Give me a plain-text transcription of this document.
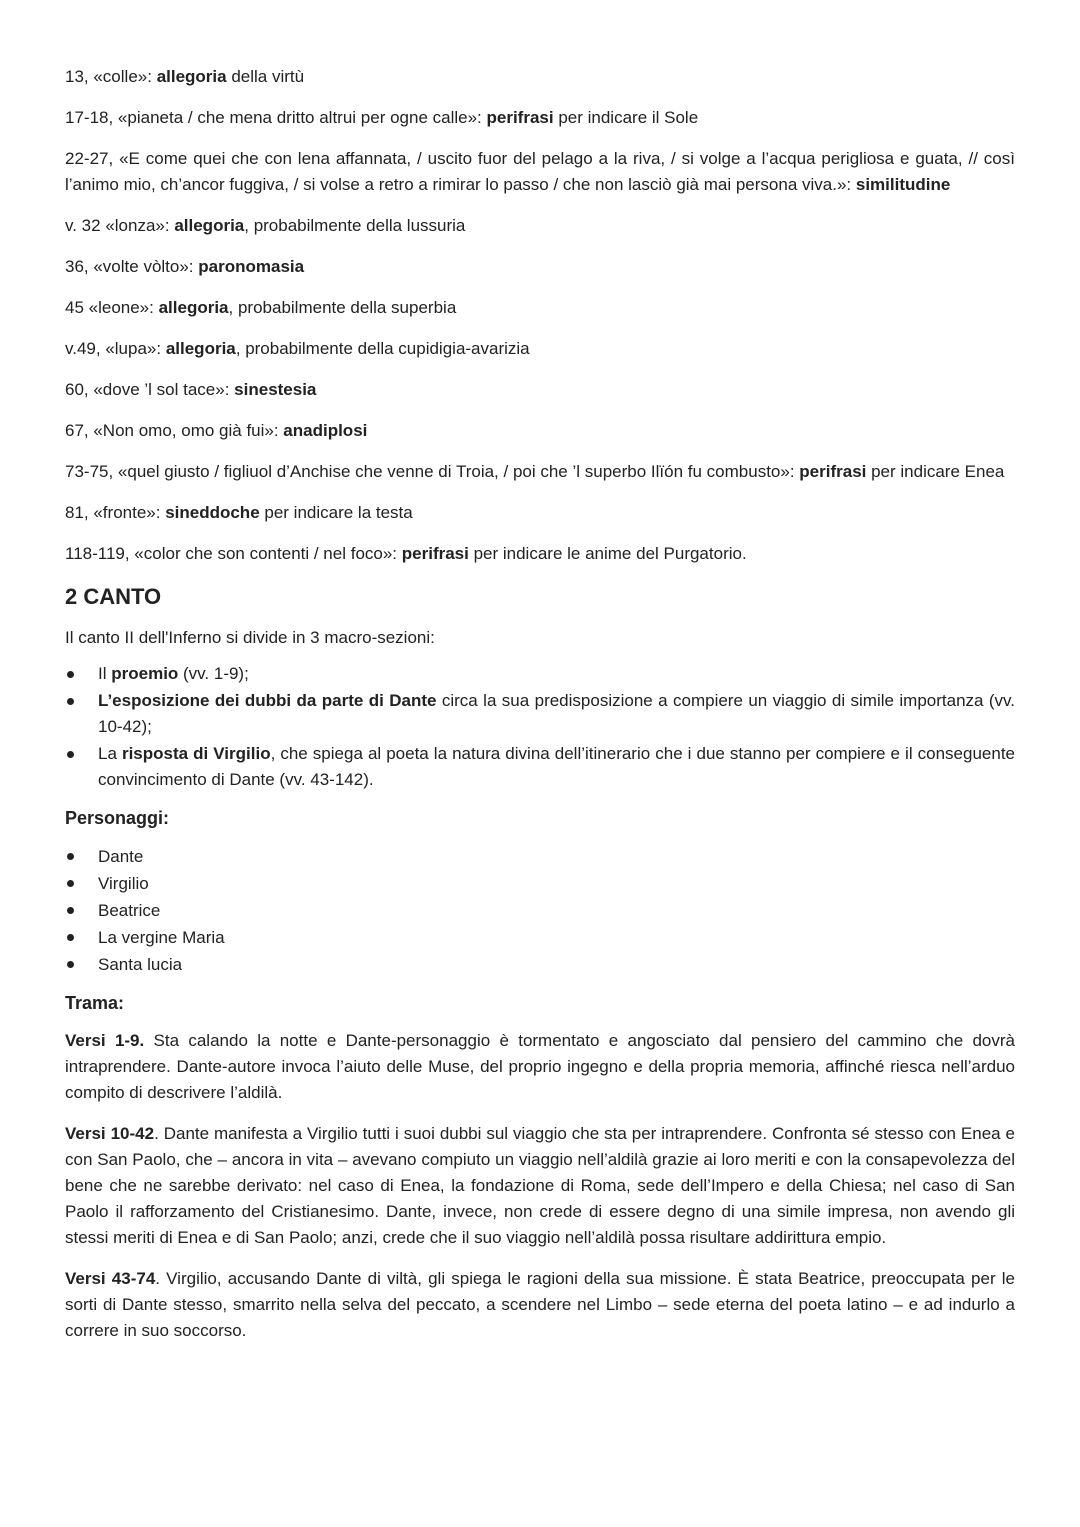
13, «colle»: allegoria della virtù

17-18, «pianeta / che mena dritto altrui per ogne calle»: perifrasi per indicare il Sole

22-27, «E come quei che con lena affannata, / uscito fuor del pelago a la riva, / si volge a l’acqua perigliosa e guata, // così l’animo mio, ch’ancor fuggiva, / si volse a retro a rimirar lo passo / che non lasciò già mai persona viva.»: similitudine

v. 32 «lonza»: allegoria, probabilmente della lussuria

36, «volte vòlto»: paronomasia

45 «leone»: allegoria, probabilmente della superbia

v.49, «lupa»: allegoria, probabilmente della cupidigia-avarizia

60, «dove ’l sol tace»: sinestesia

67, «Non omo, omo già fui»: anadiplosi

73-75, «quel giusto / figliuol d’Anchise che venne di Troia, / poi che ’l superbo Ilïón fu combusto»: perifrasi per indicare Enea

81, «fronte»: sineddoche per indicare la testa

118-119, «color che son contenti / nel foco»: perifrasi per indicare le anime del Purgatorio.

2 CANTO

Il canto II dell'Inferno si divide in 3 macro-sezioni:

Il proemio (vv. 1-9);
L’esposizione dei dubbi da parte di Dante circa la sua predisposizione a compiere un viaggio di simile importanza (vv. 10-42);
La risposta di Virgilio, che spiega al poeta la natura divina dell’itinerario che i due stanno per compiere e il conseguente convincimento di Dante (vv. 43-142).
Personaggi:
Dante
Virgilio
Beatrice
La vergine Maria
Santa lucia
Trama:

Versi 1-9. Sta calando la notte e Dante-personaggio è tormentato e angosciato dal pensiero del cammino che dovrà intraprendere. Dante-autore invoca l’aiuto delle Muse, del proprio ingegno e della propria memoria, affinché riesca nell’arduo compito di descrivere l’aldilà.

Versi 10-42. Dante manifesta a Virgilio tutti i suoi dubbi sul viaggio che sta per intraprendere. Confronta sé stesso con Enea e con San Paolo, che – ancora in vita – avevano compiuto un viaggio nell’aldilà grazie ai loro meriti e con la consapevolezza del bene che ne sarebbe derivato: nel caso di Enea, la fondazione di Roma, sede dell’Impero e della Chiesa; nel caso di San Paolo il rafforzamento del Cristianesimo. Dante, invece, non crede di essere degno di una simile impresa, non avendo gli stessi meriti di Enea e di San Paolo; anzi, crede che il suo viaggio nell’aldilà possa risultare addirittura empio.

Versi 43-74. Virgilio, accusando Dante di viltà, gli spiega le ragioni della sua missione. È stata Beatrice, preoccupata per le sorti di Dante stesso, smarrito nella selva del peccato, a scendere nel Limbo – sede eterna del poeta latino – e ad indurlo a correre in suo soccorso.
